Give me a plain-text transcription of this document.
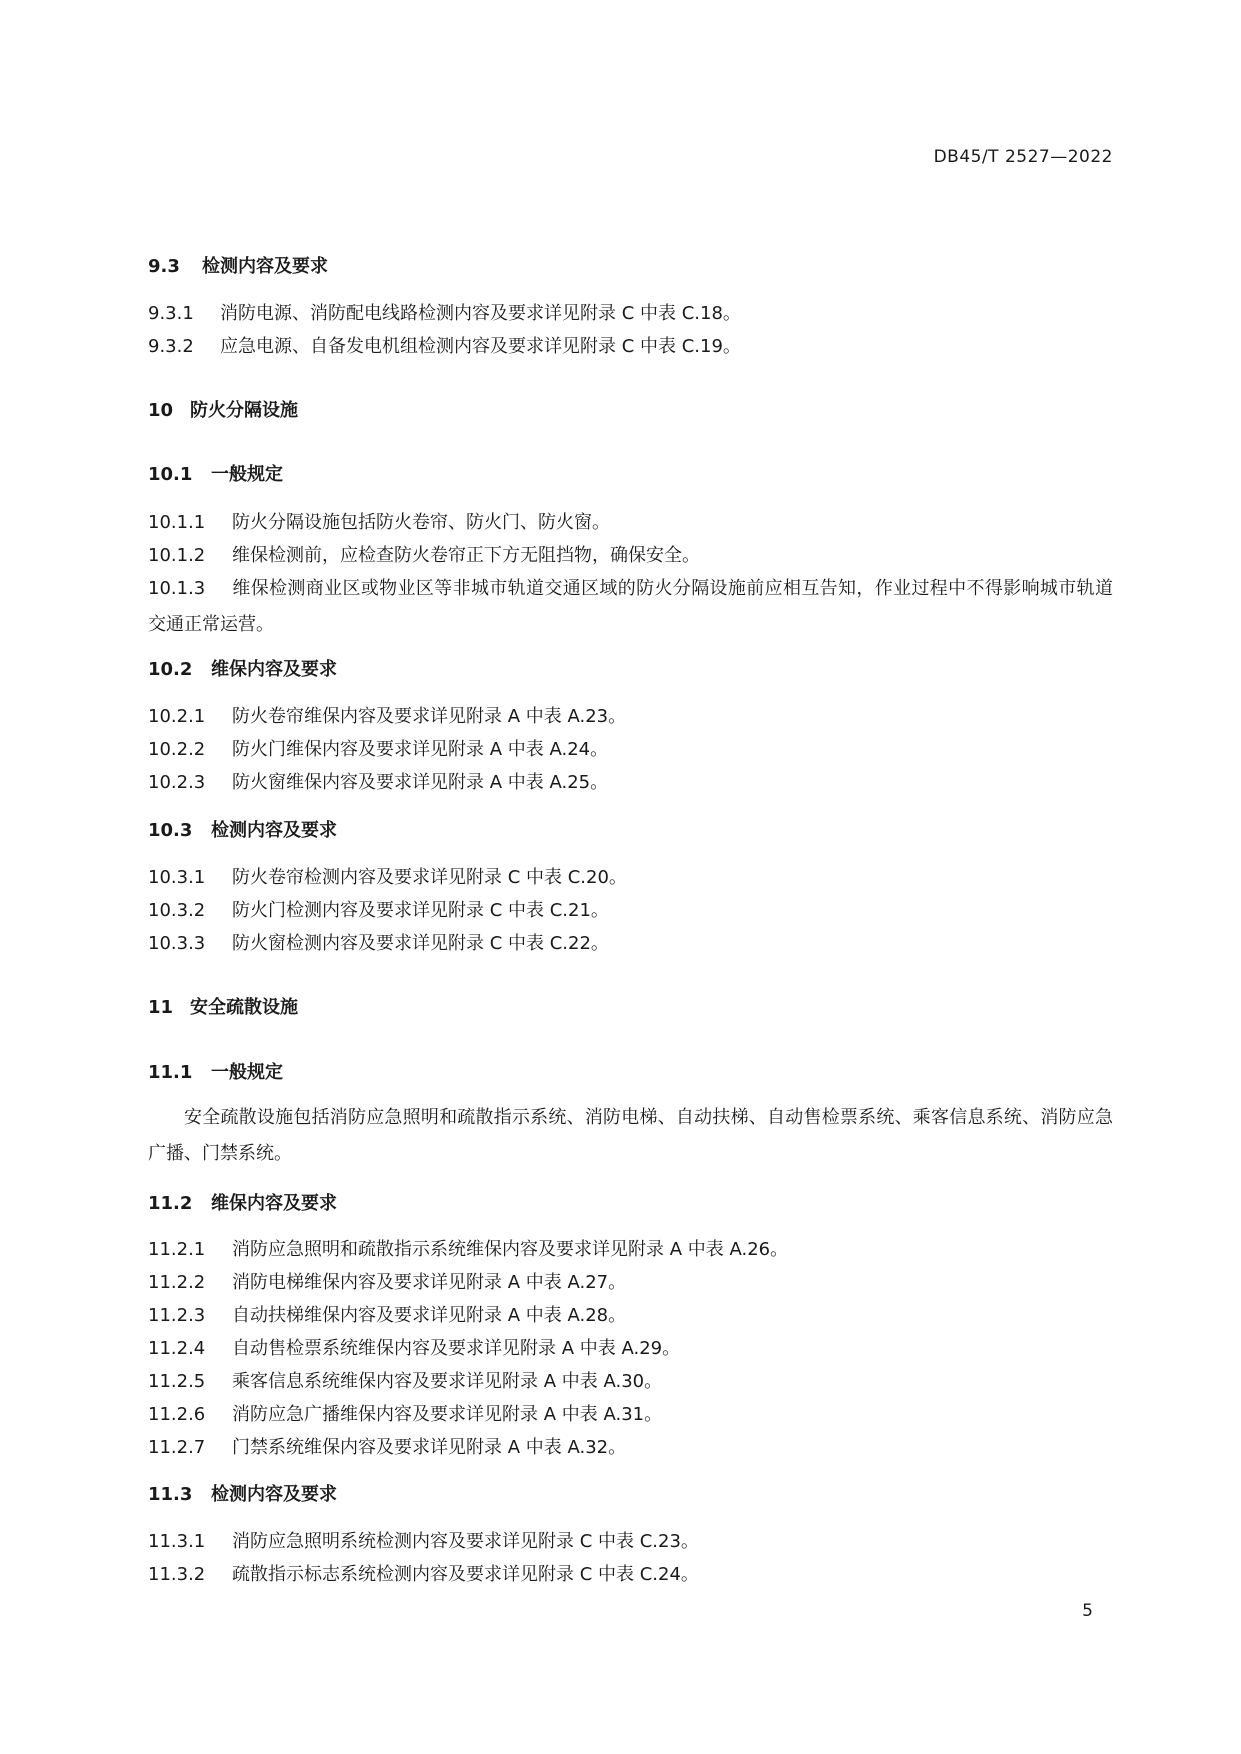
DB45/T 2527—2022
9.3 检测内容及要求
9.3.1 消防电源、消防配电线路检测内容及要求详见附录 C 中表 C.18。
9.3.2 应急电源、自备发电机组检测内容及要求详见附录 C 中表 C.19。
10 防火分隔设施
10.1 一般规定
10.1.1 防火分隔设施包括防火卷帘、防火门、防火窗。
10.1.2 维保检测前，应检查防火卷帘正下方无阻挡物，确保安全。
10.1.3 维保检测商业区或物业区等非城市轨道交通区域的防火分隔设施前应相互告知，作业过程中不得影响城市轨道交通正常运营。
10.2 维保内容及要求
10.2.1 防火卷帘维保内容及要求详见附录 A 中表 A.23。
10.2.2 防火门维保内容及要求详见附录 A 中表 A.24。
10.2.3 防火窗维保内容及要求详见附录 A 中表 A.25。
10.3 检测内容及要求
10.3.1 防火卷帘检测内容及要求详见附录 C 中表 C.20。
10.3.2 防火门检测内容及要求详见附录 C 中表 C.21。
10.3.3 防火窗检测内容及要求详见附录 C 中表 C.22。
11 安全疏散设施
11.1 一般规定
安全疏散设施包括消防应急照明和疏散指示系统、消防电梯、自动扶梯、自动售检票系统、乘客信息系统、消防应急广播、门禁系统。
11.2 维保内容及要求
11.2.1 消防应急照明和疏散指示系统维保内容及要求详见附录 A 中表 A.26。
11.2.2 消防电梯维保内容及要求详见附录 A 中表 A.27。
11.2.3 自动扶梯维保内容及要求详见附录 A 中表 A.28。
11.2.4 自动售检票系统维保内容及要求详见附录 A 中表 A.29。
11.2.5 乘客信息系统维保内容及要求详见附录 A 中表 A.30。
11.2.6 消防应急广播维保内容及要求详见附录 A 中表 A.31。
11.2.7 门禁系统维保内容及要求详见附录 A 中表 A.32。
11.3 检测内容及要求
11.3.1 消防应急照明系统检测内容及要求详见附录 C 中表 C.23。
11.3.2 疏散指示标志系统检测内容及要求详见附录 C 中表 C.24。
5
